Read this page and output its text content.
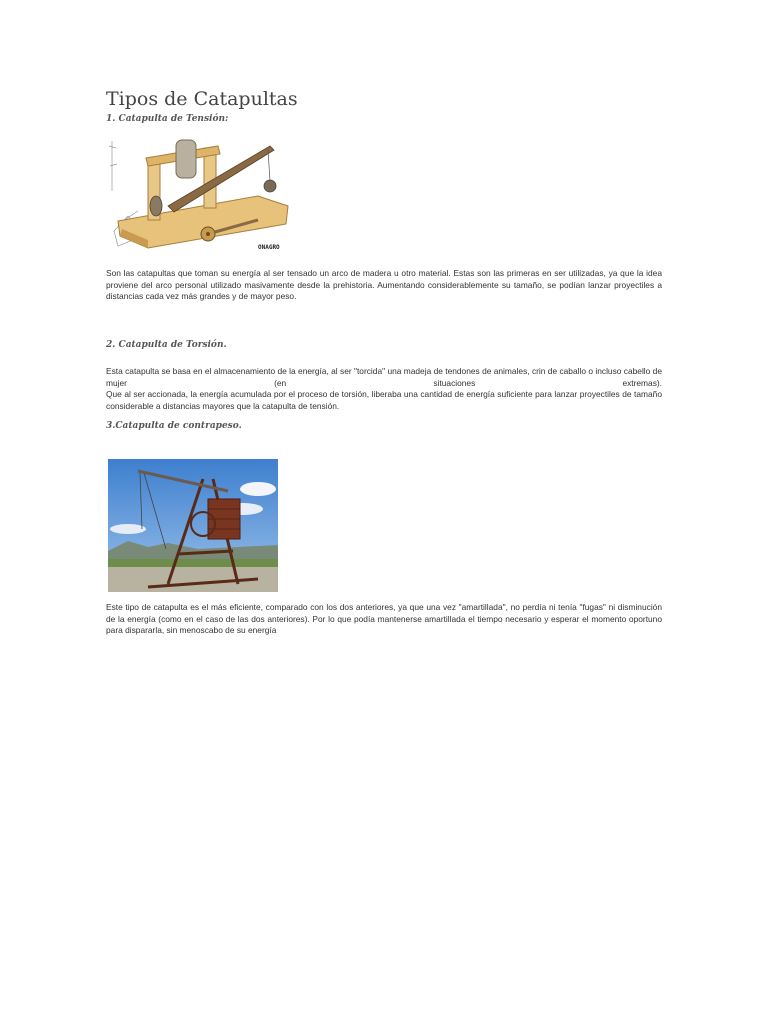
Tipos de Catapultas
1. Catapulta de Tensión:
ONAGRO

Son las catapultas que toman su energía al ser tensado un arco de madera u otro material. Estas son las primeras en ser utilizadas, ya que la idea proviene del arco personal utilizado masivamente desde la prehistoria. Aumentando considerablemente su tamaño, se podían lanzar proyectiles a distancias cada vez más grandes y de mayor peso.

2. Catapulta de Torsión.

Esta catapulta se basa en el almacenamiento de la energía, al ser "torcida" una madeja de tendones de animales, crin de caballo o incluso cabello de mujer (en situaciones extremas).

Que al ser accionada, la energía acumulada por el proceso de torsión, liberaba una cantidad de energía suficiente para lanzar proyectiles de tamaño considerable a distancias mayores que la catapulta de tensión.

3.Catapulta de contrapeso.

Este tipo de catapulta es el más eficiente, comparado con los dos anteriores, ya que una vez "amartillada", no perdía ni tenía "fugas" ni disminución de la energía (como en el caso de las dos anteriores). Por lo que podía mantenerse amartillada el tiempo necesario y esperar el momento oportuno para dispararla, sin menoscabo de su energía
